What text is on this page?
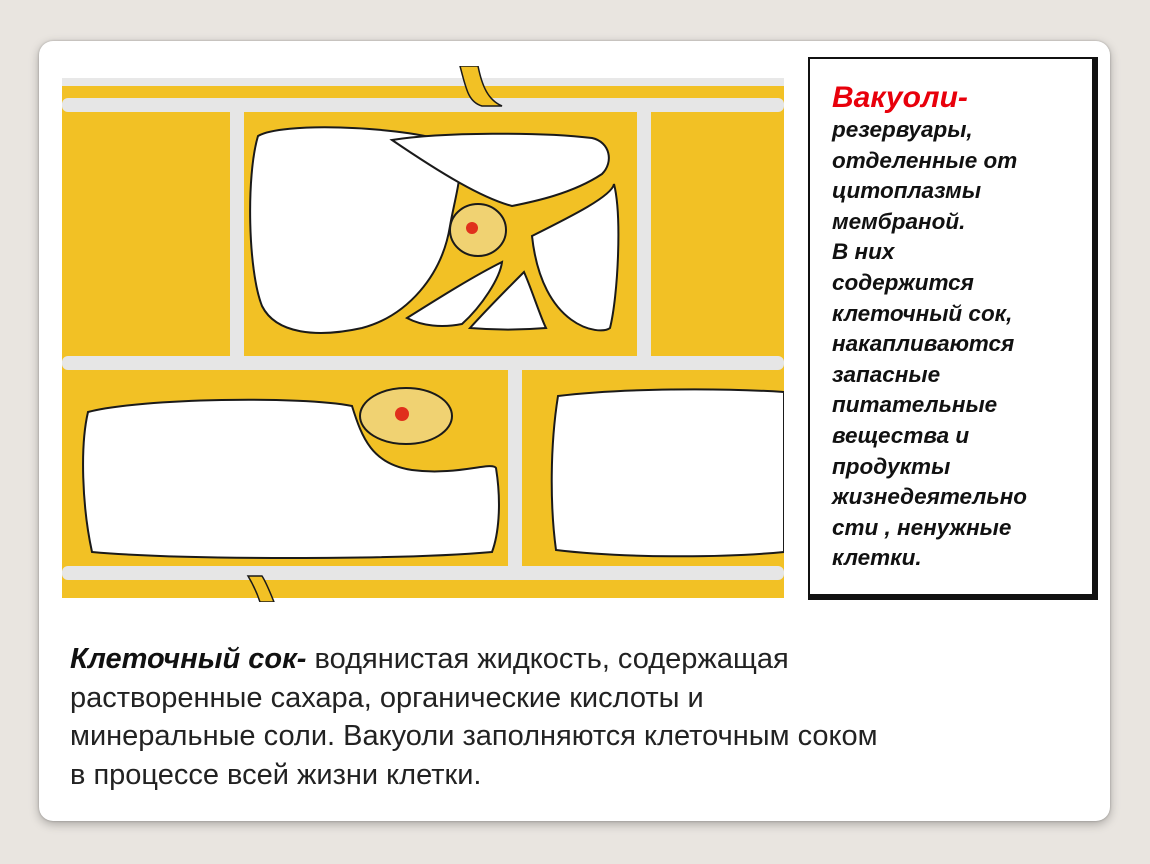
Вакуоли-
резервуары,
отделенные от
цитоплазмы
мембраной.
В них
содержится
клеточный сок,
накапливаются
запасные
питательные
вещества и
продукты
жизнедеятельно
сти , ненужные
клетки.
Клеточный сок- водянистая жидкость, содержащая
растворенные сахара, органические кислоты и
минеральные соли. Вакуоли заполняются клеточным соком
в процессе всей жизни клетки.
